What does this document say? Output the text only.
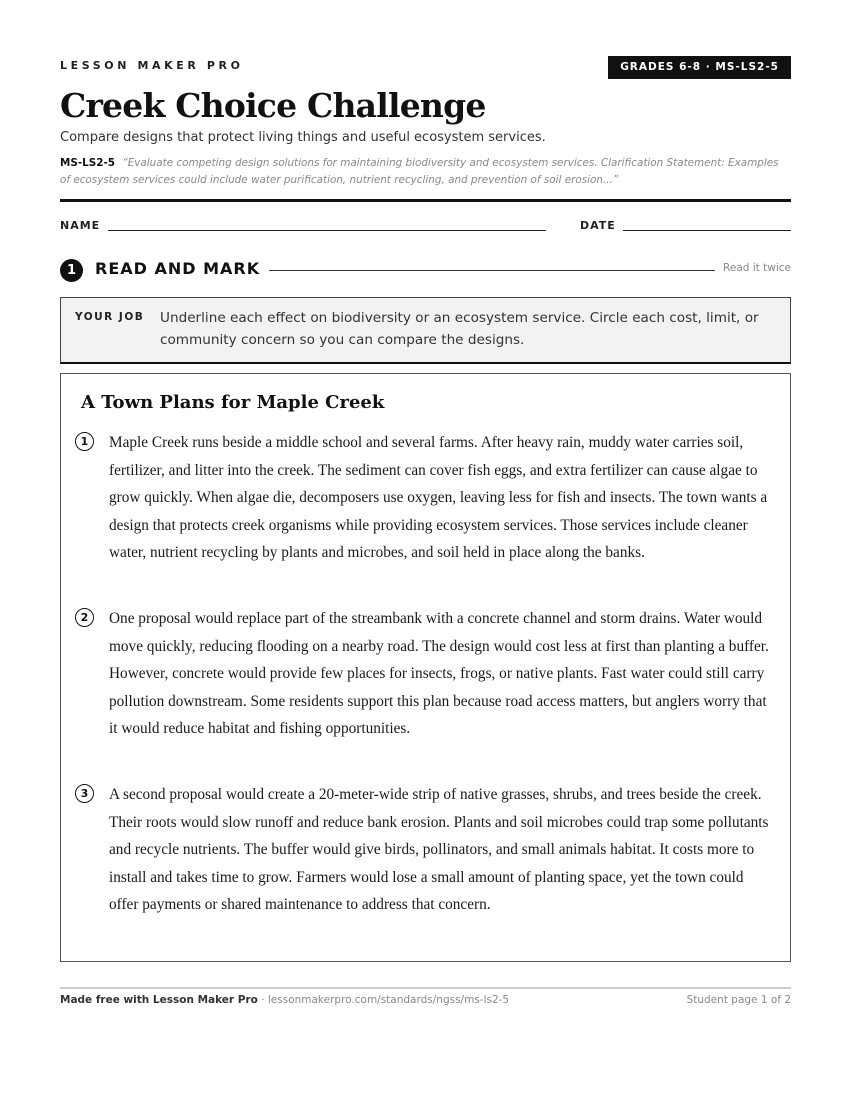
LESSON MAKER PRO	GRADES 6-8 · MS-LS2-5
Creek Choice Challenge
Compare designs that protect living things and useful ecosystem services.
MS-LS2-5 “Evaluate competing design solutions for maintaining biodiversity and ecosystem services. Clarification Statement: Examples of ecosystem services could include water purification, nutrient recycling, and prevention of soil erosion...”
NAME	DATE
1	READ AND MARK	Read it twice
YOUR JOB Underline each effect on biodiversity or an ecosystem service. Circle each cost, limit, or community concern so you can compare the designs.
A Town Plans for Maple Creek
1	Maple Creek runs beside a middle school and several farms. After heavy rain, muddy water carries soil, fertilizer, and litter into the creek. The sediment can cover fish eggs, and extra fertilizer can cause algae to grow quickly. When algae die, decomposers use oxygen, leaving less for fish and insects. The town wants a design that protects creek organisms while providing ecosystem services. Those services include cleaner water, nutrient recycling by plants and microbes, and soil held in place along the banks.

2	One proposal would replace part of the streambank with a concrete channel and storm drains. Water would move quickly, reducing flooding on a nearby road. The design would cost less at first than planting a buffer. However, concrete would provide few places for insects, frogs, or native plants. Fast water could still carry pollution downstream. Some residents support this plan because road access matters, but anglers worry that it would reduce habitat and fishing opportunities.

3	A second proposal would create a 20-meter-wide strip of native grasses, shrubs, and trees beside the creek. Their roots would slow runoff and reduce bank erosion. Plants and soil microbes could trap some pollutants and recycle nutrients. The buffer would give birds, pollinators, and small animals habitat. It costs more to install and takes time to grow. Farmers would lose a small amount of planting space, yet the town could offer payments or shared maintenance to address that concern.

Made free with Lesson Maker Pro · lessonmakerpro.com/standards/ngss/ms-ls2-5	Student page 1 of 2
